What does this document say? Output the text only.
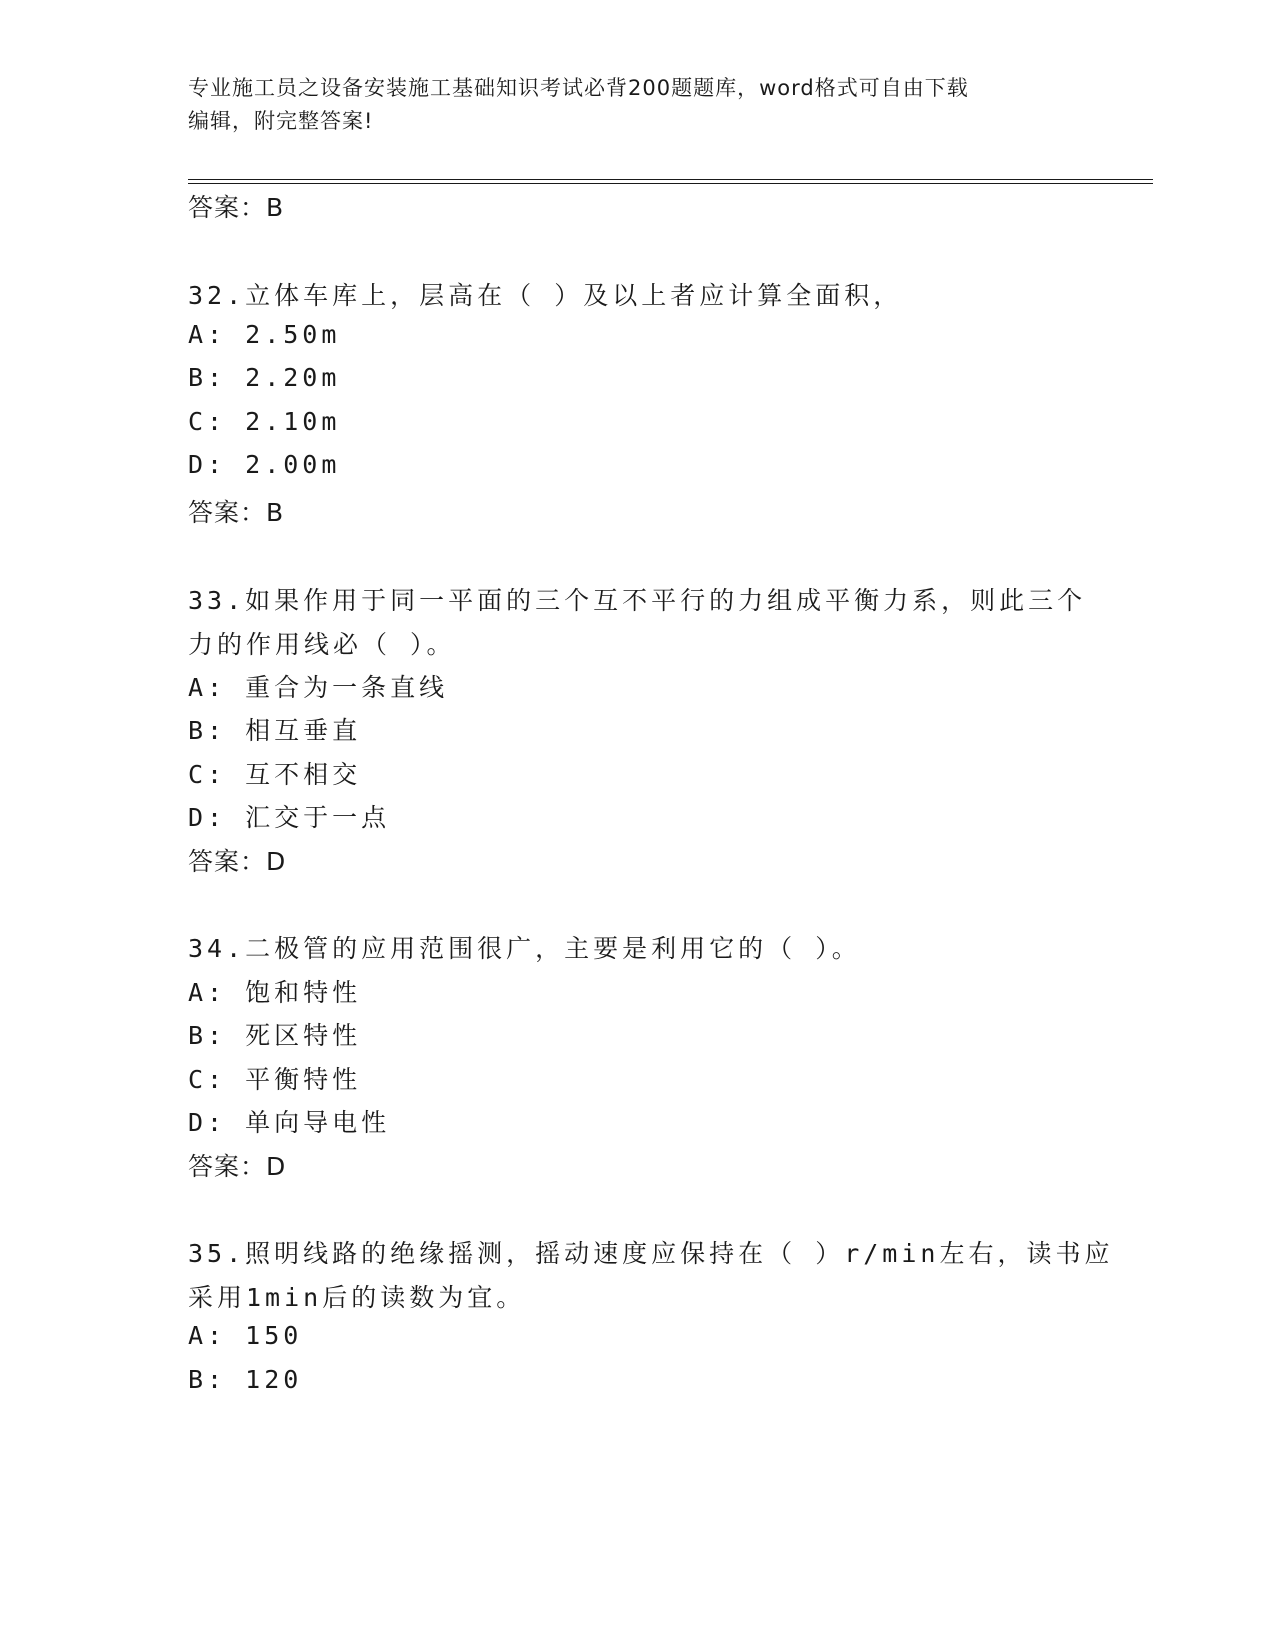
专业施工员之设备安装施工基础知识考试必背200题题库，word格式可自由下载
编辑，附完整答案!
答案：B
32.立体车库上，层高在（ ）及以上者应计算全面积，
A: 2.50m
B: 2.20m
C: 2.10m
D: 2.00m
答案：B
33.如果作用于同一平面的三个互不平行的力组成平衡力系，则此三个
力的作用线必（ ）。
A: 重合为一条直线
B: 相互垂直
C: 互不相交
D: 汇交于一点
答案：D
34.二极管的应用范围很广，主要是利用它的（ ）。
A: 饱和特性
B: 死区特性
C: 平衡特性
D: 单向导电性
答案：D
35.照明线路的绝缘摇测，摇动速度应保持在（ ）r/min左右，读书应
采用1min后的读数为宜。
A: 150
B: 120
